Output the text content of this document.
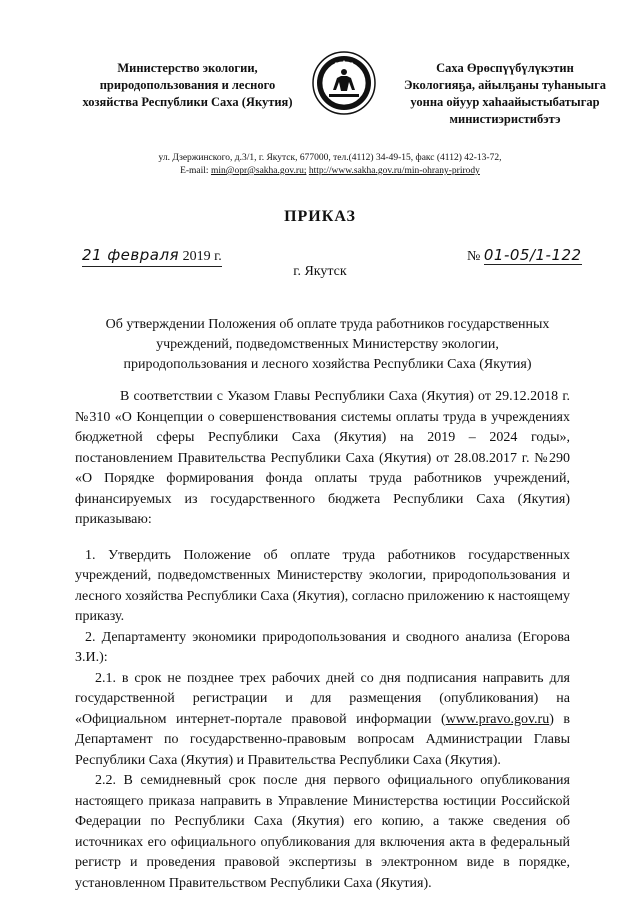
Министерство экологии,
природопользования и лесного
хозяйства Республики Саха (Якутия)
Саха Өрөспүүбүлүкэтин
Экологияҕа, айылҕаны туһаныыга
уонна ойуур хаһаайыстыбатыгар
министиэристибэтэ
ул. Дзержинского, д.3/1, г. Якутск, 677000, тел.(4112) 34-49-15, факс (4112) 42-13-72,
E-mail: min@opr@sakha.gov.ru; http://www.sakha.gov.ru/min-ohrany-prirody
ПРИКАЗ
21 февраля 2019 г.	№ 01-05/1-122
г. Якутск
Об утверждении Положения об оплате труда работников государственных учреждений, подведомственных Министерству экологии, природопользования и лесного хозяйства Республики Саха (Якутия)

В соответствии с Указом Главы Республики Саха (Якутия) от 29.12.2018 г. №310 «О Концепции о совершенствования системы оплаты труда в учреждениях бюджетной сферы Республики Саха (Якутия) на 2019 – 2024 годы», постановлением Правительства Республики Саха (Якутия) от 28.08.2017 г. №290 «О Порядке формирования фонда оплаты труда работников учреждений, финансируемых из государственного бюджета Республики Саха (Якутия) приказываю:

1. Утвердить Положение об оплате труда работников государственных учреждений, подведомственных Министерству экологии, природопользования и лесного хозяйства Республики Саха (Якутия), согласно приложению к настоящему приказу.

2. Департаменту экономики природопользования и сводного анализа (Егорова З.И.):

2.1. в срок не позднее трех рабочих дней со дня подписания направить для государственной регистрации и для размещения (опубликования) на «Официальном интернет-портале правовой информации (www.pravo.gov.ru) в Департамент по государственно-правовым вопросам Администрации Главы Республики Саха (Якутия) и Правительства Республики Саха (Якутия).

2.2. В семидневный срок после дня первого официального опубликования настоящего приказа направить в Управление Министерства юстиции Российской Федерации по Республики Саха (Якутия) его копию, а также сведения об источниках его официального опубликования для включения акта в федеральный регистр и проведения правовой экспертизы в электронном виде в порядке, установленном Правительством Республики Саха (Якутия).
